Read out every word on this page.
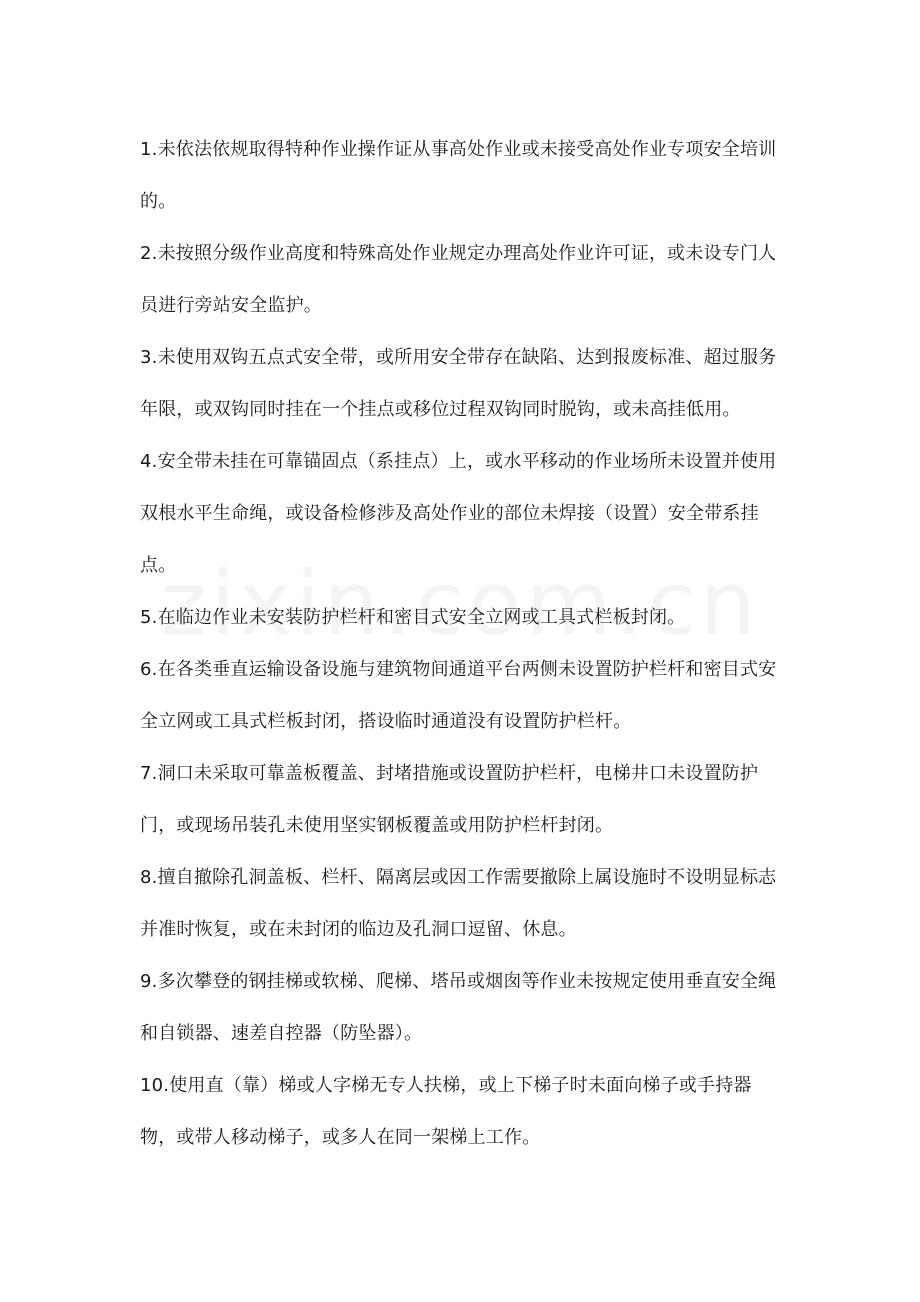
1.未依法依规取得特种作业操作证从事高处作业或未接受高处作业专项安全培训的。

2.未按照分级作业高度和特殊高处作业规定办理高处作业许可证，或未设专门人员进行旁站安全监护。

3.未使用双钩五点式安全带，或所用安全带存在缺陷、达到报废标准、超过服务年限，或双钩同时挂在一个挂点或移位过程双钩同时脱钩，或未高挂低用。

4.安全带未挂在可靠锚固点（系挂点）上，或水平移动的作业场所未设置并使用双根水平生命绳，或设备检修涉及高处作业的部位未焊接（设置）安全带系挂点。

5.在临边作业未安装防护栏杆和密目式安全立网或工具式栏板封闭。

6.在各类垂直运输设备设施与建筑物间通道平台两侧未设置防护栏杆和密目式安全立网或工具式栏板封闭，搭设临时通道没有设置防护栏杆。

7.洞口未采取可靠盖板覆盖、封堵措施或设置防护栏杆，电梯井口未设置防护门，或现场吊装孔未使用坚实钢板覆盖或用防护栏杆封闭。

8.擅自撤除孔洞盖板、栏杆、隔离层或因工作需要撤除上属设施时不设明显标志并准时恢复，或在未封闭的临边及孔洞口逗留、休息。

9.多次攀登的钢挂梯或软梯、爬梯、塔吊或烟囱等作业未按规定使用垂直安全绳和自锁器、速差自控器（防坠器）。

10.使用直（靠）梯或人字梯无专人扶梯，或上下梯子时未面向梯子或手持器物，或带人移动梯子，或多人在同一架梯上工作。
